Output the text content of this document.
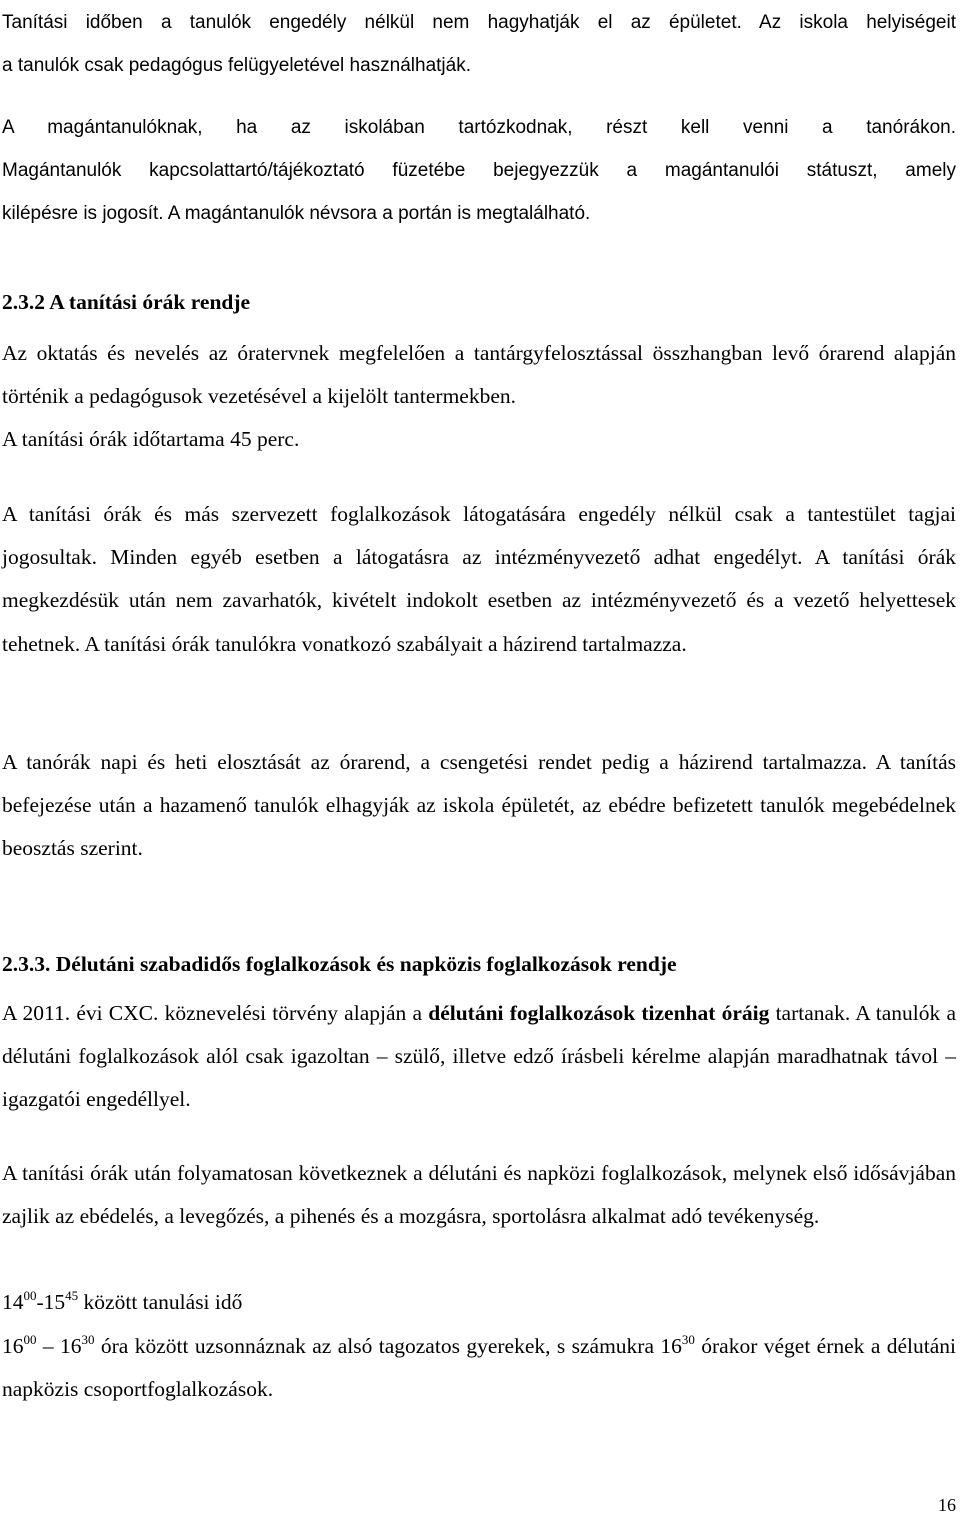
Tanítási időben a tanulók engedély nélkül nem hagyhatják el az épületet. Az iskola helyiségeit
a tanulók csak pedagógus felügyeletével használhatják.
A magántanulóknak, ha az iskolában tartózkodnak, részt kell venni a tanórákon.
Magántanulók kapcsolattartó/tájékoztató füzetébe bejegyezzük a magántanulói státuszt, amely
kilépésre is jogosít. A magántanulók névsora a portán is megtalálható.
2.3.2 A tanítási órák rendje
Az oktatás és nevelés az óratervnek megfelelően a tantárgyfelosztással összhangban levő órarend alapján történik a pedagógusok vezetésével a kijelölt tantermekben.
A tanítási órák időtartama 45 perc.
A tanítási órák és más szervezett foglalkozások látogatására engedély nélkül csak a tantestület tagjai jogosultak. Minden egyéb esetben a látogatásra az intézményvezető adhat engedélyt. A tanítási órák megkezdésük után nem zavarhatók, kivételt indokolt esetben az intézményvezető és a vezető helyettesek tehetnek. A tanítási órák tanulókra vonatkozó szabályait a házirend tartalmazza.
A tanórák napi és heti elosztását az órarend, a csengetési rendet pedig a házirend tartalmazza. A tanítás befejezése után a hazamenő tanulók elhagyják az iskola épületét, az ebédre befizetett tanulók megebédelnek beosztás szerint.
2.3.3. Délutáni szabadidős foglalkozások és napközis foglalkozások rendje
A 2011. évi CXC. köznevelési törvény alapján a délutáni foglalkozások tizenhat óráig tartanak. A tanulók a délutáni foglalkozások alól csak igazoltan – szülő, illetve edző írásbeli kérelme alapján maradhatnak távol – igazgatói engedéllyel.
A tanítási órák után folyamatosan következnek a délutáni és napközi foglalkozások, melynek első idősávjában zajlik az ebédelés, a levegőzés, a pihenés és a mozgásra, sportolásra alkalmat adó tevékenység.
$14^{00}-15^{45}$ között tanulási idő
$16^{00} - 16^{30}$ óra között uzsonnáznak az alsó tagozatos gyerekek, s számukra $16^{30}$ órakor véget érnek a délutáni napközis csoportfoglalkozások.
16
